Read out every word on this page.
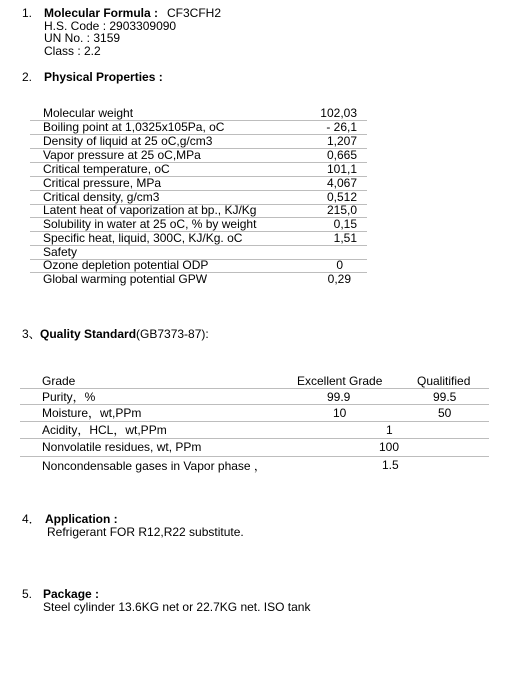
1. Molecular Formula : CF3CFH2
H.S. Code : 2903309090
UN No. : 3159
Class : 2.2
2. Physical Properties :
Molecular weight	102,03
Boiling point at 1,0325x105Pa, oC	- 26,1
Density of liquid at 25 oC,g/cm3	1,207
Vapor pressure at 25 oC,MPa	0,665
Critical temperature, oC	101,1
Critical pressure, MPa	4,067
Critical density, g/cm3	0,512
Latent heat of vaporization at bp., KJ/Kg	215,0
Solubility in water at 25 oC, % by weight	0,15
Specific heat, liquid, 300C, KJ/Kg. oC	1,51
Safety
Ozone depletion potential ODP	0
Global warming potential GPW	0,29
3、 Quality Standard(GB7373-87):
Grade	Excellent Grade	Qualitified
Purity，%	99.9	99.5
Moisture，wt,PPm	10	50
Acidity，HCL，wt,PPm	1
Nonvolatile residues, wt, PPm	100
Noncondensable gases in Vapor phase ，	1.5
4． Application :
Refrigerant FOR R12,R22 substitute.
5. Package :
Steel cylinder 13.6KG net or 22.7KG net. ISO tank
